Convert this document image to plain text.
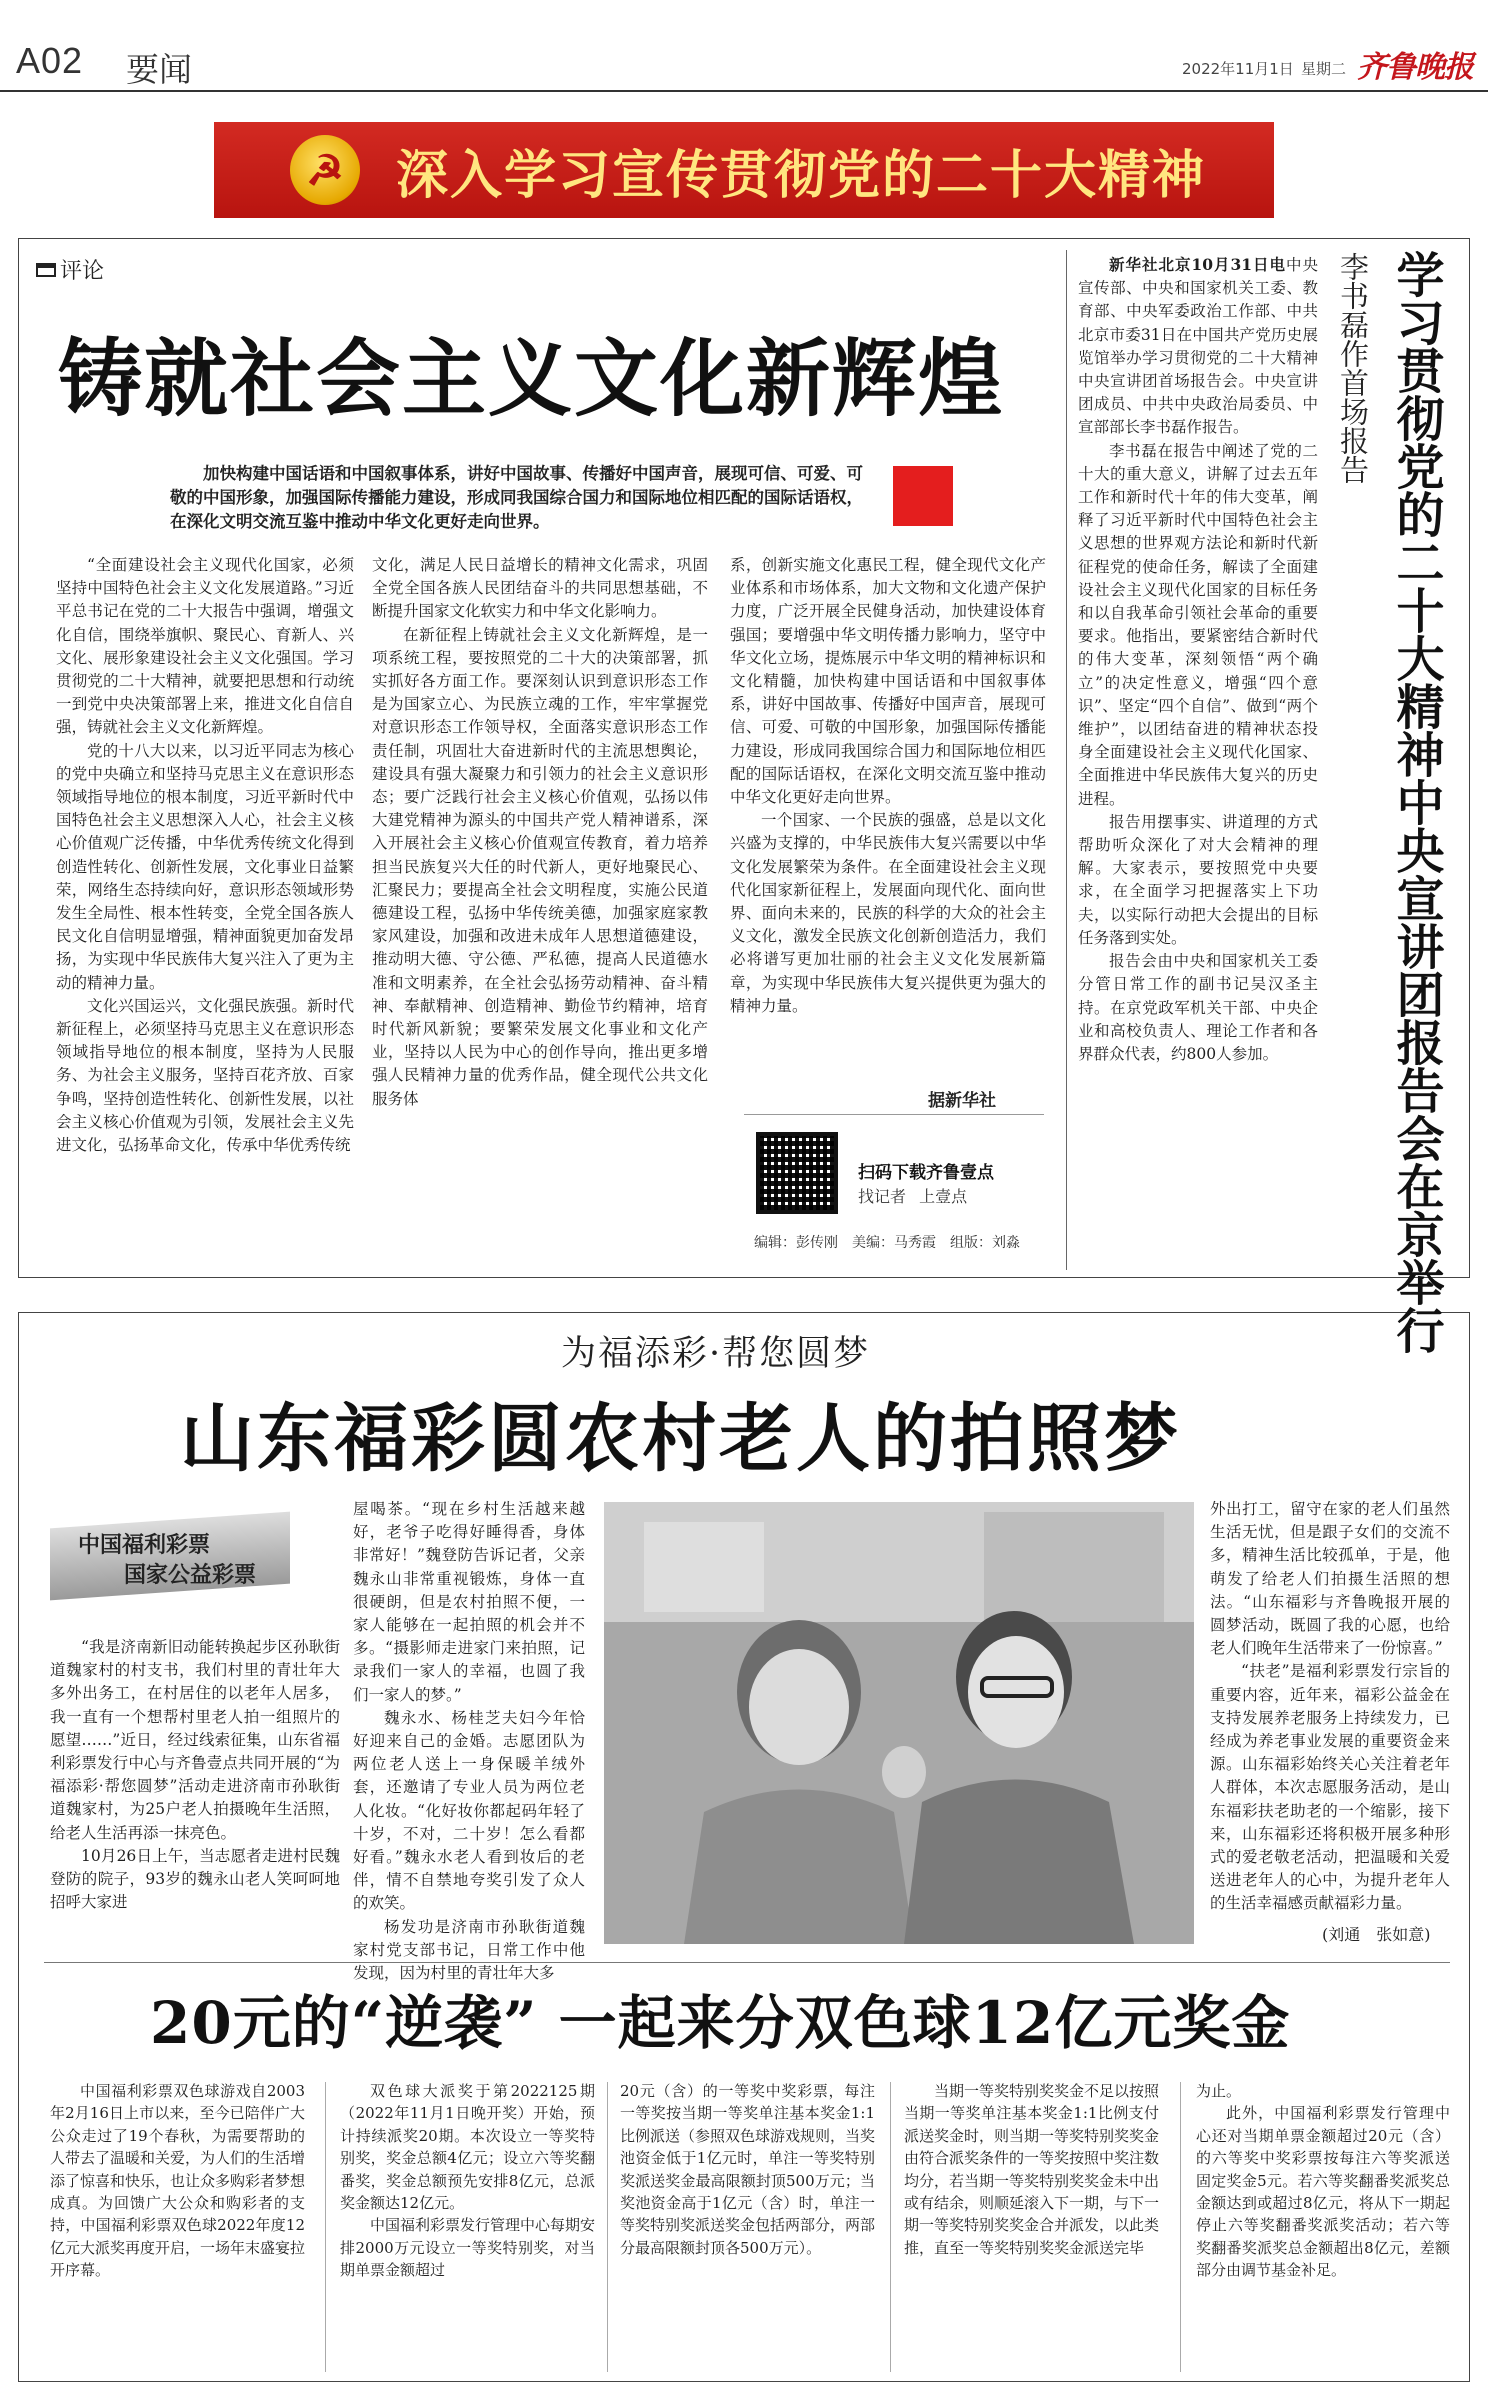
A02 要闻	2022年11月1日 星期二 齐鲁晚报
☭	深入学习宣传贯彻党的二十大精神
评论
铸就社会主义文化新辉煌
加快构建中国话语和中国叙事体系，讲好中国故事、传播好中国声音，展现可信、可爱、可敬的中国形象，加强国际传播能力建设，形成同我国综合国力和国际地位相匹配的国际话语权，在深化文明交流互鉴中推动中华文化更好走向世界。

“全面建设社会主义现代化国家，必须坚持中国特色社会主义文化发展道路。”习近平总书记在党的二十大报告中强调，增强文化自信，围绕举旗帜、聚民心、育新人、兴文化、展形象建设社会主义文化强国。学习贯彻党的二十大精神，就要把思想和行动统一到党中央决策部署上来，推进文化自信自强，铸就社会主义文化新辉煌。

党的十八大以来，以习近平同志为核心的党中央确立和坚持马克思主义在意识形态领域指导地位的根本制度，习近平新时代中国特色社会主义思想深入人心，社会主义核心价值观广泛传播，中华优秀传统文化得到创造性转化、创新性发展，文化事业日益繁荣，网络生态持续向好，意识形态领域形势发生全局性、根本性转变，全党全国各族人民文化自信明显增强，精神面貌更加奋发昂扬，为实现中华民族伟大复兴注入了更为主动的精神力量。

文化兴国运兴，文化强民族强。新时代新征程上，必须坚持马克思主义在意识形态领域指导地位的根本制度，坚持为人民服务、为社会主义服务，坚持百花齐放、百家争鸣，坚持创造性转化、创新性发展，以社会主义核心价值观为引领，发展社会主义先进文化，弘扬革命文化，传承中华优秀传统

文化，满足人民日益增长的精神文化需求，巩固全党全国各族人民团结奋斗的共同思想基础，不断提升国家文化软实力和中华文化影响力。

在新征程上铸就社会主义文化新辉煌，是一项系统工程，要按照党的二十大的决策部署，抓实抓好各方面工作。要深刻认识到意识形态工作是为国家立心、为民族立魂的工作，牢牢掌握党对意识形态工作领导权，全面落实意识形态工作责任制，巩固壮大奋进新时代的主流思想舆论，建设具有强大凝聚力和引领力的社会主义意识形态；要广泛践行社会主义核心价值观，弘扬以伟大建党精神为源头的中国共产党人精神谱系，深入开展社会主义核心价值观宣传教育，着力培养担当民族复兴大任的时代新人，更好地聚民心、汇聚民力；要提高全社会文明程度，实施公民道德建设工程，弘扬中华传统美德，加强家庭家教家风建设，加强和改进未成年人思想道德建设，推动明大德、守公德、严私德，提高人民道德水准和文明素养，在全社会弘扬劳动精神、奋斗精神、奉献精神、创造精神、勤俭节约精神，培育时代新风新貌；要繁荣发展文化事业和文化产业，坚持以人民为中心的创作导向，推出更多增强人民精神力量的优秀作品，健全现代公共文化服务体

系，创新实施文化惠民工程，健全现代文化产业体系和市场体系，加大文物和文化遗产保护力度，广泛开展全民健身活动，加快建设体育强国；要增强中华文明传播力影响力，坚守中华文化立场，提炼展示中华文明的精神标识和文化精髓，加快构建中国话语和中国叙事体系，讲好中国故事、传播好中国声音，展现可信、可爱、可敬的中国形象，加强国际传播能力建设，形成同我国综合国力和国际地位相匹配的国际话语权，在深化文明交流互鉴中推动中华文化更好走向世界。

一个国家、一个民族的强盛，总是以文化兴盛为支撑的，中华民族伟大复兴需要以中华文化发展繁荣为条件。在全面建设社会主义现代化国家新征程上，发展面向现代化、面向世界、面向未来的，民族的科学的大众的社会主义文化，激发全民族文化创新创造活力，我们必将谱写更加壮丽的社会主义文化发展新篇章，为实现中华民族伟大复兴提供更为强大的精神力量。

据新华社
扫码下载齐鲁壹点
找记者 上壹点
编辑：彭传刚　美编：马秀霞　组版：刘淼

新华社北京10月31日电中央宣传部、中央和国家机关工委、教育部、中央军委政治工作部、中共北京市委31日在中国共产党历史展览馆举办学习贯彻党的二十大精神中央宣讲团首场报告会。中央宣讲团成员、中共中央政治局委员、中宣部部长李书磊作报告。

李书磊在报告中阐述了党的二十大的重大意义，讲解了过去五年工作和新时代十年的伟大变革，阐释了习近平新时代中国特色社会主义思想的世界观方法论和新时代新征程党的使命任务，解读了全面建设社会主义现代化国家的目标任务和以自我革命引领社会革命的重要要求。他指出，要紧密结合新时代的伟大变革，深刻领悟“两个确立”的决定性意义，增强“四个意识”、坚定“四个自信”、做到“两个维护”，以团结奋进的精神状态投身全面建设社会主义现代化国家、全面推进中华民族伟大复兴的历史进程。

报告用摆事实、讲道理的方式帮助听众深化了对大会精神的理解。大家表示，要按照党中央要求，在全面学习把握落实上下功夫，以实际行动把大会提出的目标任务落到实处。

报告会由中央和国家机关工委分管日常工作的副书记吴汉圣主持。在京党政军机关干部、中央企业和高校负责人、理论工作者和各界群众代表，约800人参加。	学习贯彻党的二十大精神中央宣讲团报告会在京举行
李书磊作首场报告
为福添彩·帮您圆梦
山东福彩圆农村老人的拍照梦
中国福利彩票
国家公益彩票

“我是济南新旧动能转换起步区孙耿街道魏家村的村支书，我们村里的青壮年大多外出务工，在村居住的以老年人居多，我一直有一个想帮村里老人拍一组照片的愿望……”近日，经过线索征集，山东省福利彩票发行中心与齐鲁壹点共同开展的“为福添彩·帮您圆梦”活动走进济南市孙耿街道魏家村，为25户老人拍摄晚年生活照，给老人生活再添一抹亮色。

10月26日上午，当志愿者走进村民魏登防的院子，93岁的魏永山老人笑呵呵地招呼大家进

屋喝茶。“现在乡村生活越来越好，老爷子吃得好睡得香，身体非常好！”魏登防告诉记者，父亲魏永山非常重视锻炼，身体一直很硬朗，但是农村拍照不便，一家人能够在一起拍照的机会并不多。“摄影师走进家门来拍照，记录我们一家人的幸福，也圆了我们一家人的梦。”

魏永水、杨桂芝夫妇今年恰好迎来自己的金婚。志愿团队为两位老人送上一身保暖羊绒外套，还邀请了专业人员为两位老人化妆。“化好妆你都起码年轻了十岁，不对，二十岁！怎么看都好看。”魏永水老人看到妆后的老伴，情不自禁地夸奖引发了众人的欢笑。

杨发功是济南市孙耿街道魏家村党支部书记，日常工作中他发现，因为村里的青壮年大多

外出打工，留守在家的老人们虽然生活无忧，但是跟子女们的交流不多，精神生活比较孤单，于是，他萌发了给老人们拍摄生活照的想法。“山东福彩与齐鲁晚报开展的圆梦活动，既圆了我的心愿，也给老人们晚年生活带来了一份惊喜。”

“扶老”是福利彩票发行宗旨的重要内容，近年来，福彩公益金在支持发展养老服务上持续发力，已经成为养老事业发展的重要资金来源。山东福彩始终关心关注着老年人群体，本次志愿服务活动，是山东福彩扶老助老的一个缩影，接下来，山东福彩还将积极开展多种形式的爱老敬老活动，把温暖和关爱送进老年人的心中，为提升老年人的生活幸福感贡献福彩力量。

(刘通　张如意)
20元的“逆袭” 一起来分双色球12亿元奖金

中国福利彩票双色球游戏自2003年2月16日上市以来，至今已陪伴广大公众走过了19个春秋，为需要帮助的人带去了温暖和关爱，为人们的生活增添了惊喜和快乐，也让众多购彩者梦想成真。为回馈广大公众和购彩者的支持，中国福利彩票双色球2022年度12亿元大派奖再度开启，一场年末盛宴拉开序幕。

双色球大派奖于第2022125期（2022年11月1日晚开奖）开始，预计持续派奖20期。本次设立一等奖特别奖，奖金总额4亿元；设立六等奖翻番奖，奖金总额预先安排8亿元，总派奖金额达12亿元。

中国福利彩票发行管理中心每期安排2000万元设立一等奖特别奖，对当期单票金额超过

20元（含）的一等奖中奖彩票，每注一等奖按当期一等奖单注基本奖金1:1比例派送（参照双色球游戏规则，当奖池资金低于1亿元时，单注一等奖特别奖派送奖金最高限额封顶500万元；当奖池资金高于1亿元（含）时，单注一等奖特别奖派送奖金包括两部分，两部分最高限额封顶各500万元）。

当期一等奖特别奖奖金不足以按照当期一等奖单注基本奖金1:1比例支付派送奖金时，则当期一等奖特别奖奖金由符合派奖条件的一等奖按照中奖注数均分，若当期一等奖特别奖奖金未中出或有结余，则顺延滚入下一期，与下一期一等奖特别奖奖金合并派发，以此类推，直至一等奖特别奖奖金派送完毕

为止。

此外，中国福利彩票发行管理中心还对当期单票金额超过20元（含）的六等奖中奖彩票按每注六等奖派送固定奖金5元。若六等奖翻番奖派奖总金额达到或超过8亿元，将从下一期起停止六等奖翻番奖派奖活动；若六等奖翻番奖派奖总金额超出8亿元，差额部分由调节基金补足。
